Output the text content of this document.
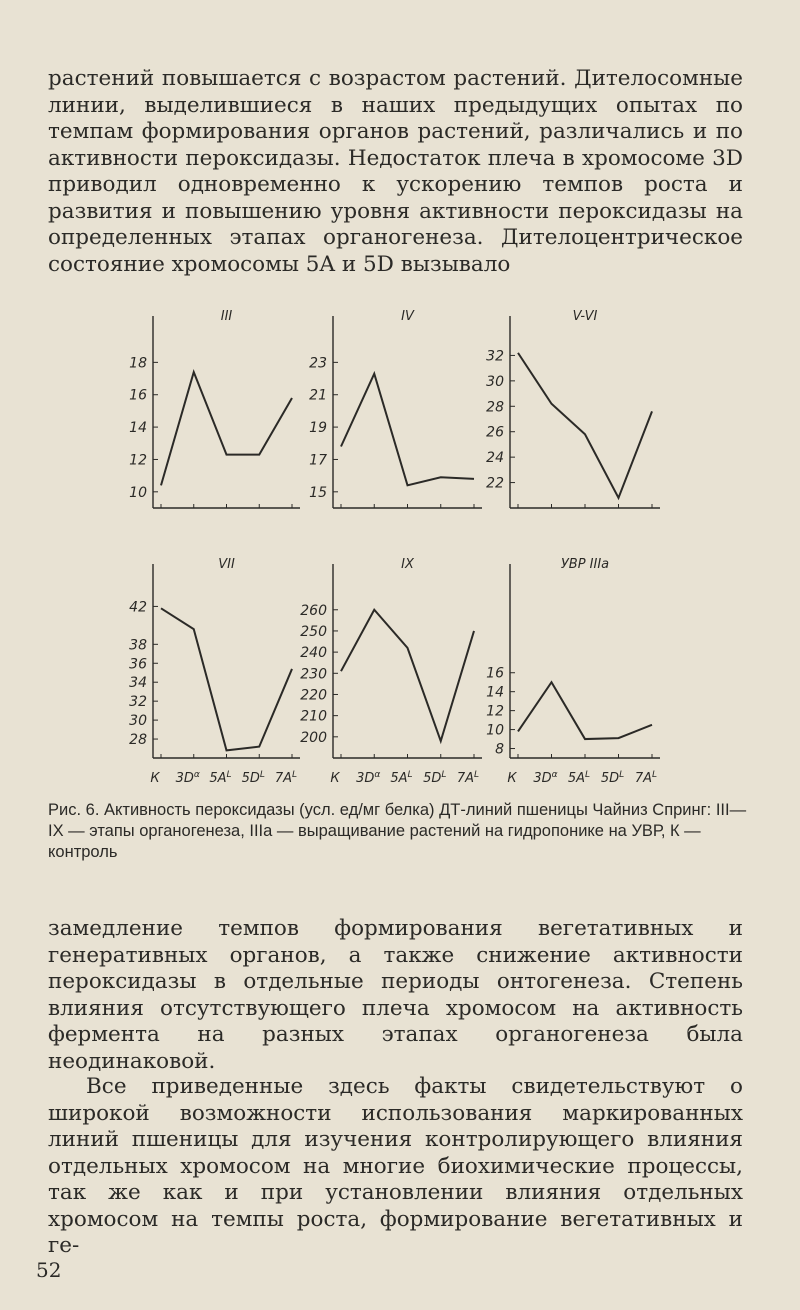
растений повышается с возрастом растений. Дителосомные линии, выделившиеся в наших предыдущих опытах по темпам формирования органов растений, различались и по активности пероксидазы. Недостаток плеча в хромосоме 3D приводил одновременно к ускорению темпов роста и развития и повышению уровня активности пероксидазы на определенных этапах органогенеза. Дителоцентрическое состояние хромосомы 5A и 5D вызывало

III
10
12
14
16
18
IV
15
17
19
21
23
V-VI
22
24
26
28
30
32
VII
28
30
32
34
36
38
42
К $3D^\alpha$ $5A^L$ $5D^L$ $7A^L$
IX
200
210
220
230
240
250
260
К $3D^\alpha$ $5A^L$ $5D^L$ $7A^L$
УВР IIIа
8
10
12
14
16
К $3D^\alpha$ $5A^L$ $5D^L$ $7A^L$

Рис. 6. Активность пероксидазы (усл. ед/мг белка) ДТ-линий пшеницы Чайниз Спринг: III—IX — этапы органогенеза, IIIа — выращивание растений на гидропонике на УВР, К — контроль

замедление темпов формирования вегетативных и генеративных органов, а также снижение активности пероксидазы в отдельные периоды онтогенеза. Степень влияния отсутствующего плеча хромосом на активность фермента на разных этапах органогенеза была неодинаковой.

Все приведенные здесь факты свидетельствуют о широкой возможности использования маркированных линий пшеницы для изучения контролирующего влияния отдельных хромосом на многие биохимические процессы, так же как и при установлении влияния отдельных хромосом на темпы роста, формирование вегетативных и ге-

52
